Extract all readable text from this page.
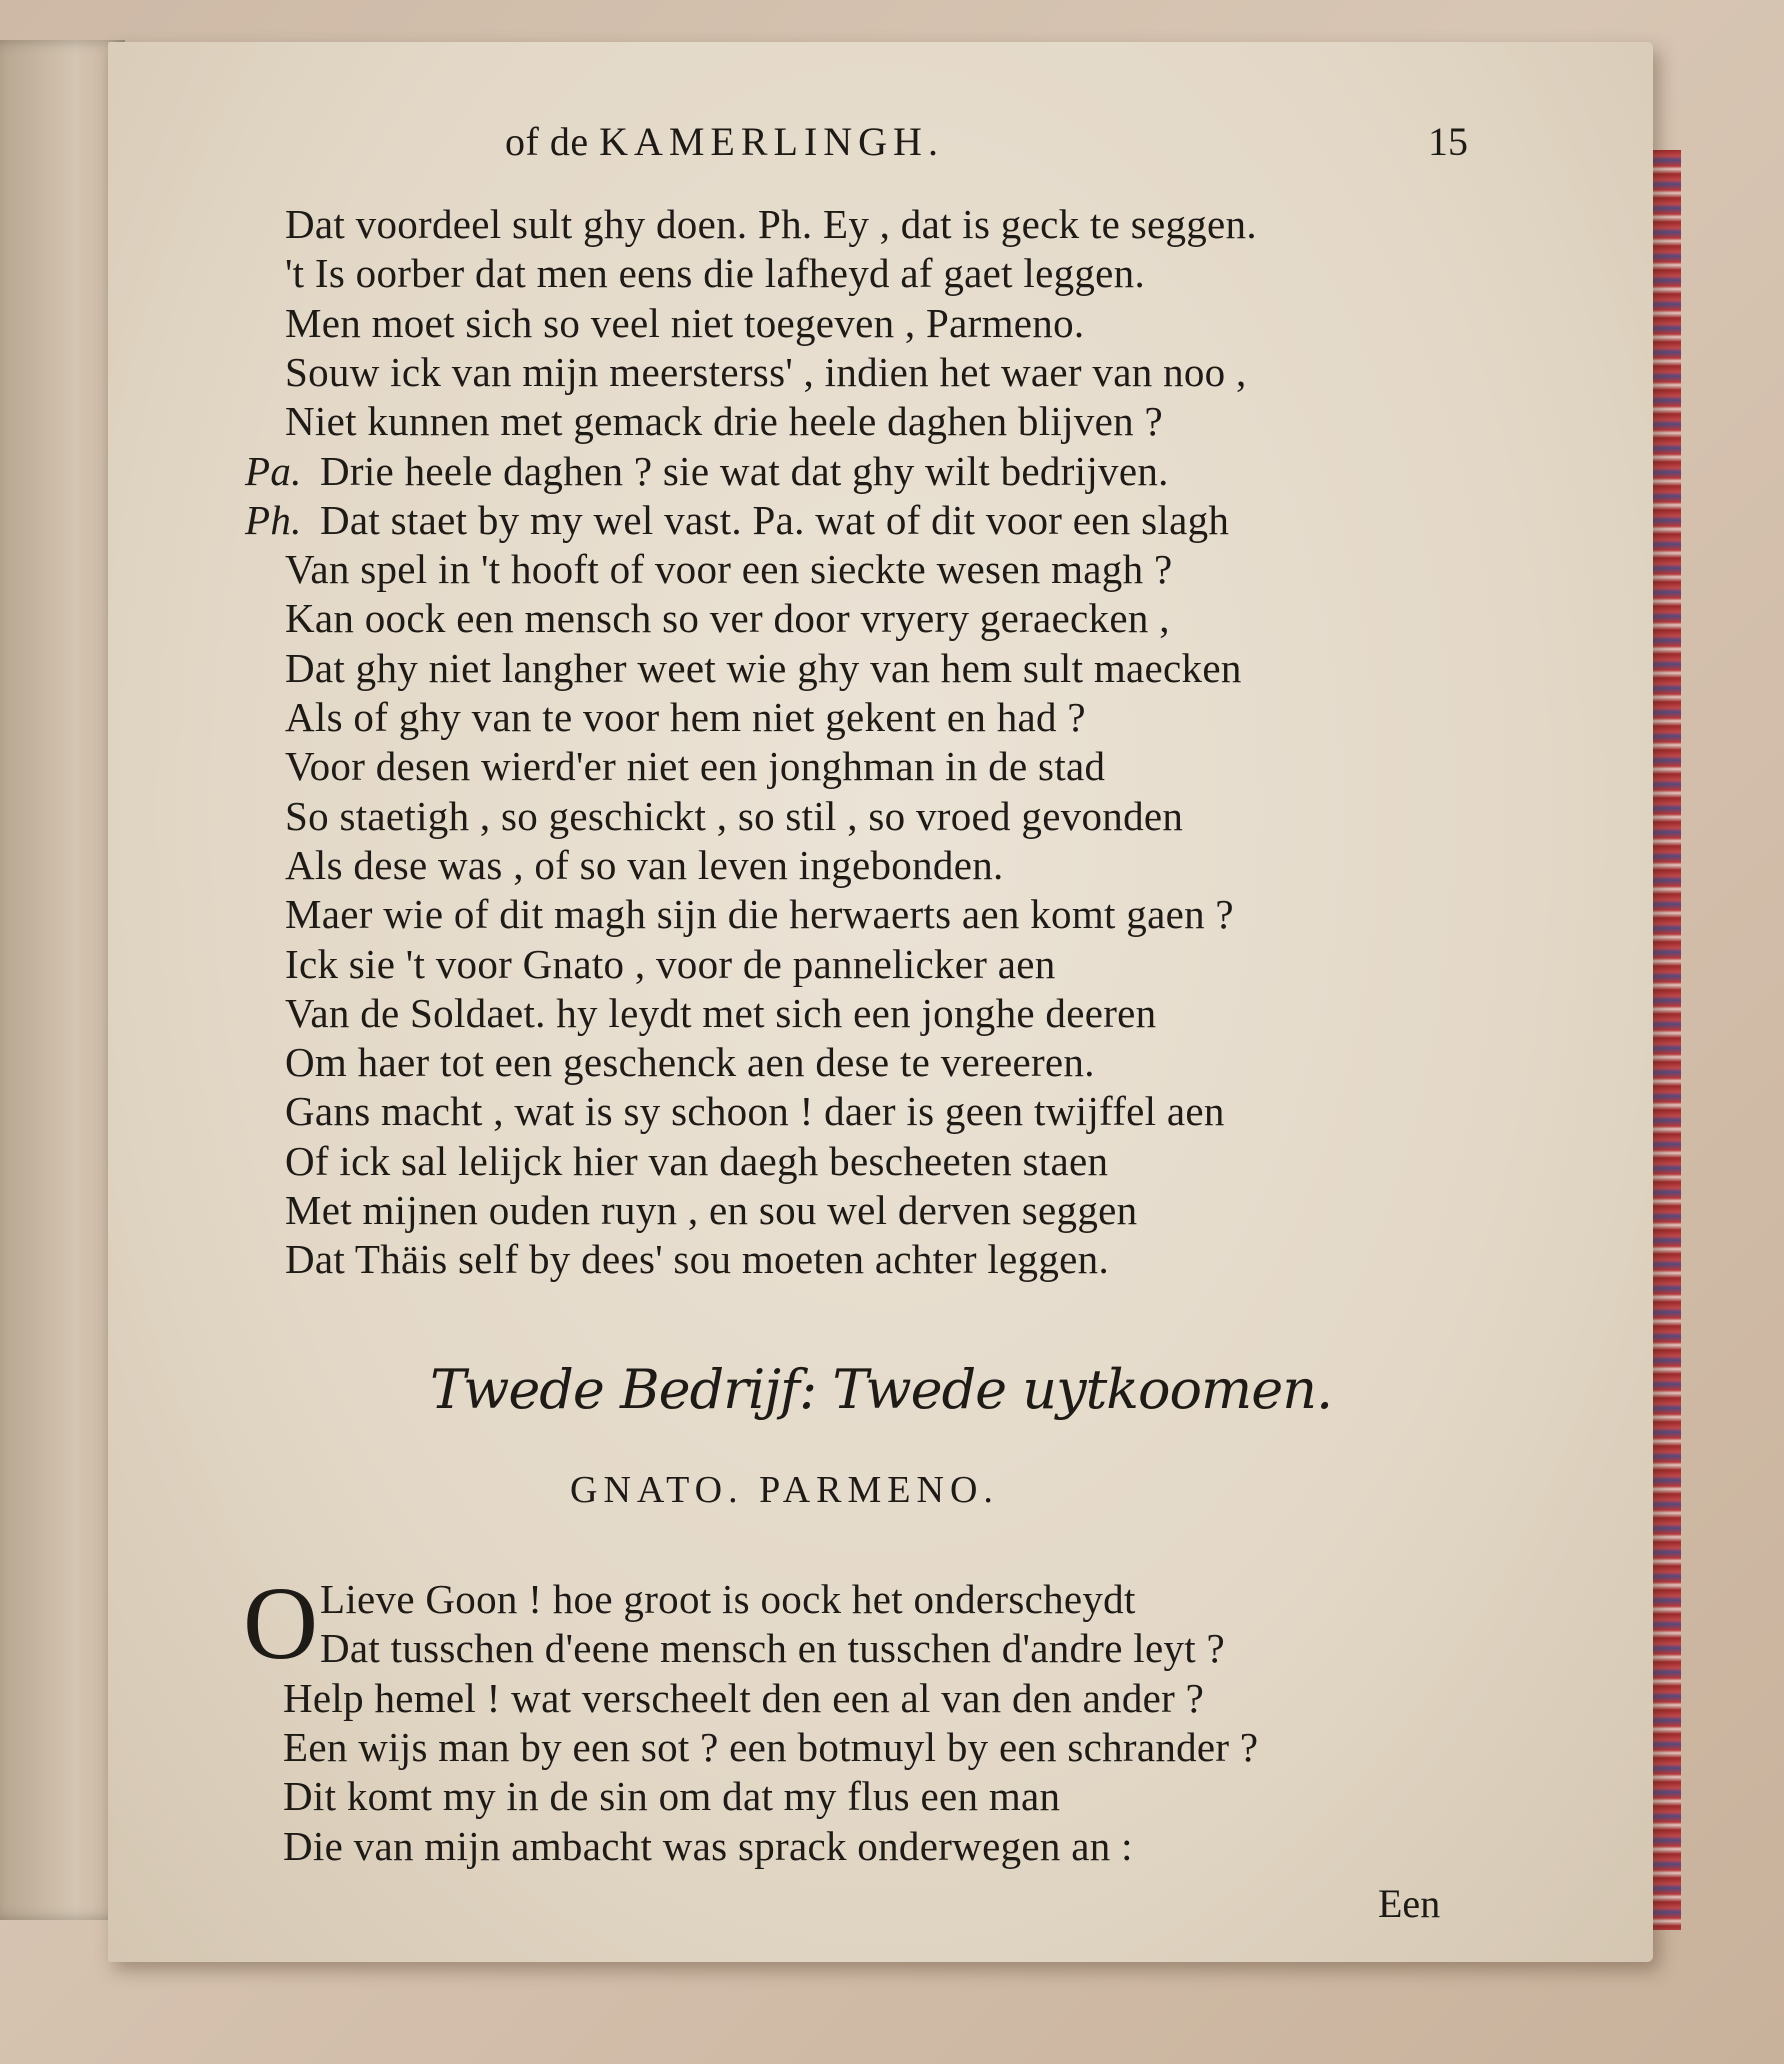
of de KAMERLINGH.	15
Twede Bedrijf: Twede uytkoomen.
GNATO. PARMENO.
O
Een
Dat voordeel sult ghy doen. Ph. Ey , dat is geck te seggen.
't Is oorber dat men eens die lafheyd af gaet leggen.
Men moet sich so veel niet toegeven , Parmeno.
Souw ick van mijn meersterss' , indien het waer van noo ,
Niet kunnen met gemack drie heele daghen blijven ?
Pa. Drie heele daghen ? sie wat dat ghy wilt bedrijven.
Ph. Dat staet by my wel vast. Pa. wat of dit voor een slagh
Van spel in 't hooft of voor een sieckte wesen magh ?
Kan oock een mensch so ver door vryery geraecken ,
Dat ghy niet langher weet wie ghy van hem sult maecken
Als of ghy van te voor hem niet gekent en had ?
Voor desen wierd'er niet een jonghman in de stad
So staetigh , so geschickt , so stil , so vroed gevonden
Als dese was , of so van leven ingebonden.
Maer wie of dit magh sijn die herwaerts aen komt gaen ?
Ick sie 't voor Gnato , voor de pannelicker aen
Van de Soldaet. hy leydt met sich een jonghe deeren
Om haer tot een geschenck aen dese te vereeren.
Gans macht , wat is sy schoon ! daer is geen twijffel aen
Of ick sal lelijck hier van daegh bescheeten staen
Met mijnen ouden ruyn , en sou wel derven seggen
Dat Thäis self by dees' sou moeten achter leggen.
Lieve Goon ! hoe groot is oock het onderscheydt
Dat tusschen d'eene mensch en tusschen d'andre leyt ?
Help hemel ! wat verscheelt den een al van den ander ?
Een wijs man by een sot ? een botmuyl by een schrander ?
Dit komt my in de sin om dat my flus een man
Die van mijn ambacht was sprack onderwegen an :
